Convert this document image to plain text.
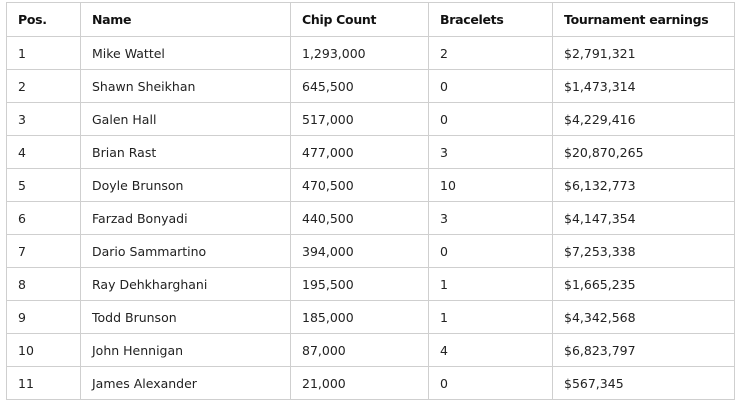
Pos.	Name	Chip Count	Bracelets	Tournament earnings
1	Mike Wattel	1,293,000	2	$2,791,321
2	Shawn Sheikhan	645,500	0	$1,473,314
3	Galen Hall	517,000	0	$4,229,416
4	Brian Rast	477,000	3	$20,870,265
5	Doyle Brunson	470,500	10	$6,132,773
6	Farzad Bonyadi	440,500	3	$4,147,354
7	Dario Sammartino	394,000	0	$7,253,338
8	Ray Dehkharghani	195,500	1	$1,665,235
9	Todd Brunson	185,000	1	$4,342,568
10	John Hennigan	87,000	4	$6,823,797
11	James Alexander	21,000	0	$567,345
